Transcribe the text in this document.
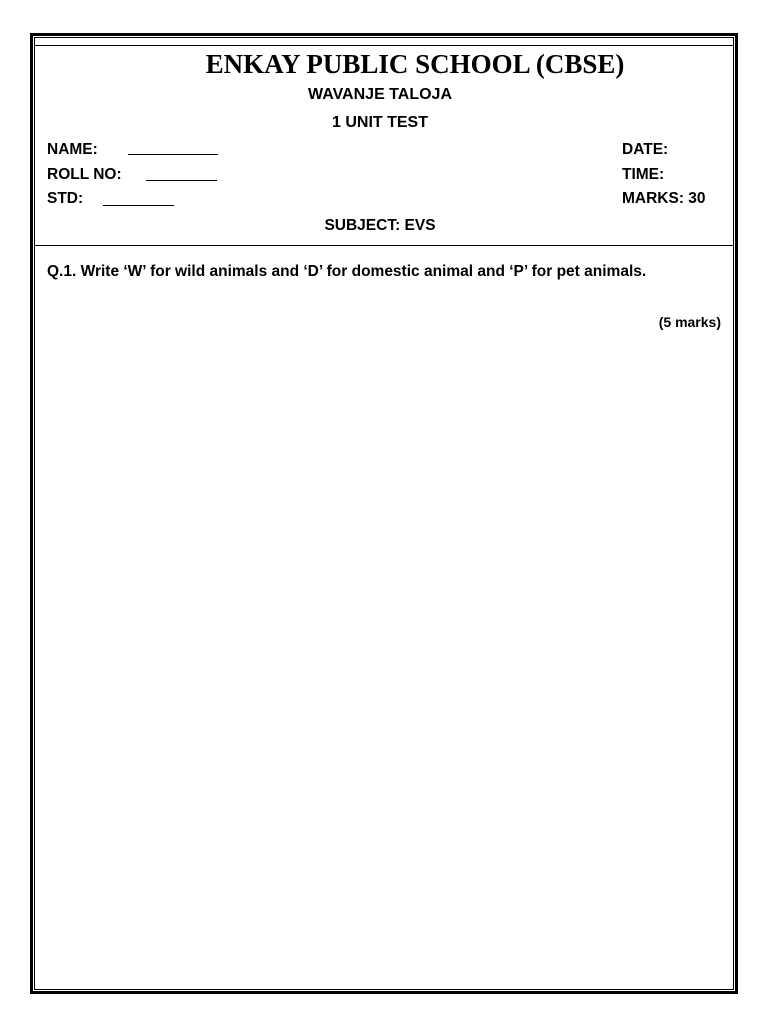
ENKAY PUBLIC SCHOOL (CBSE)
WAVANJE TALOJA
1 UNIT TEST
NAME:
ROLL NO:
STD:
DATE:
TIME:
MARKS: 30
SUBJECT: EVS
Q.1. Write ‘W’ for wild animals and ‘D’ for domestic animal and ‘P’ for pet animals.
(5 marks)
